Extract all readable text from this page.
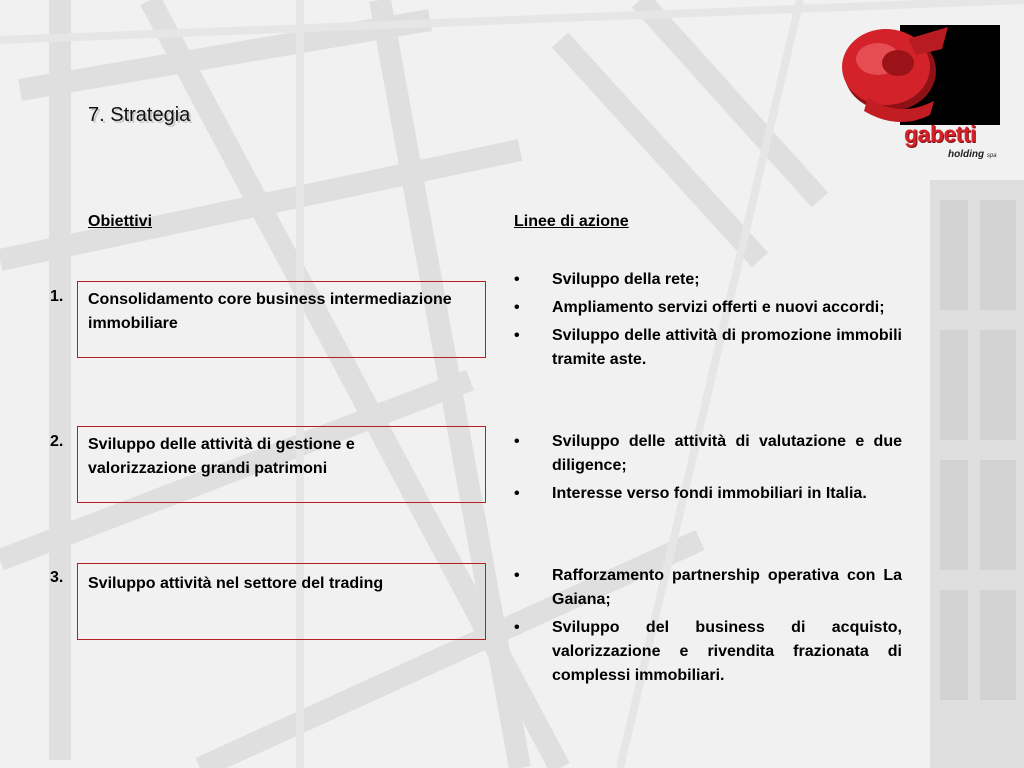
7. Strategia
gabetti
holding spa
Obiettivi
1. Consolidamento core business intermediazione immobiliare
2. Sviluppo delle attività di gestione e valorizzazione grandi patrimoni
3. Sviluppo attività nel settore del trading
Linee di azione
• Sviluppo della rete;
• Ampliamento servizi offerti e nuovi accordi;
• Sviluppo delle attività di promozione immobili tramite aste.
• Sviluppo delle attività di valutazione e due diligence;
• Interesse verso fondi immobiliari in Italia.
• Rafforzamento partnership operativa con La Gaiana;
• Sviluppo del business di acquisto, valorizzazione e rivendita frazionata di complessi immobiliari.
